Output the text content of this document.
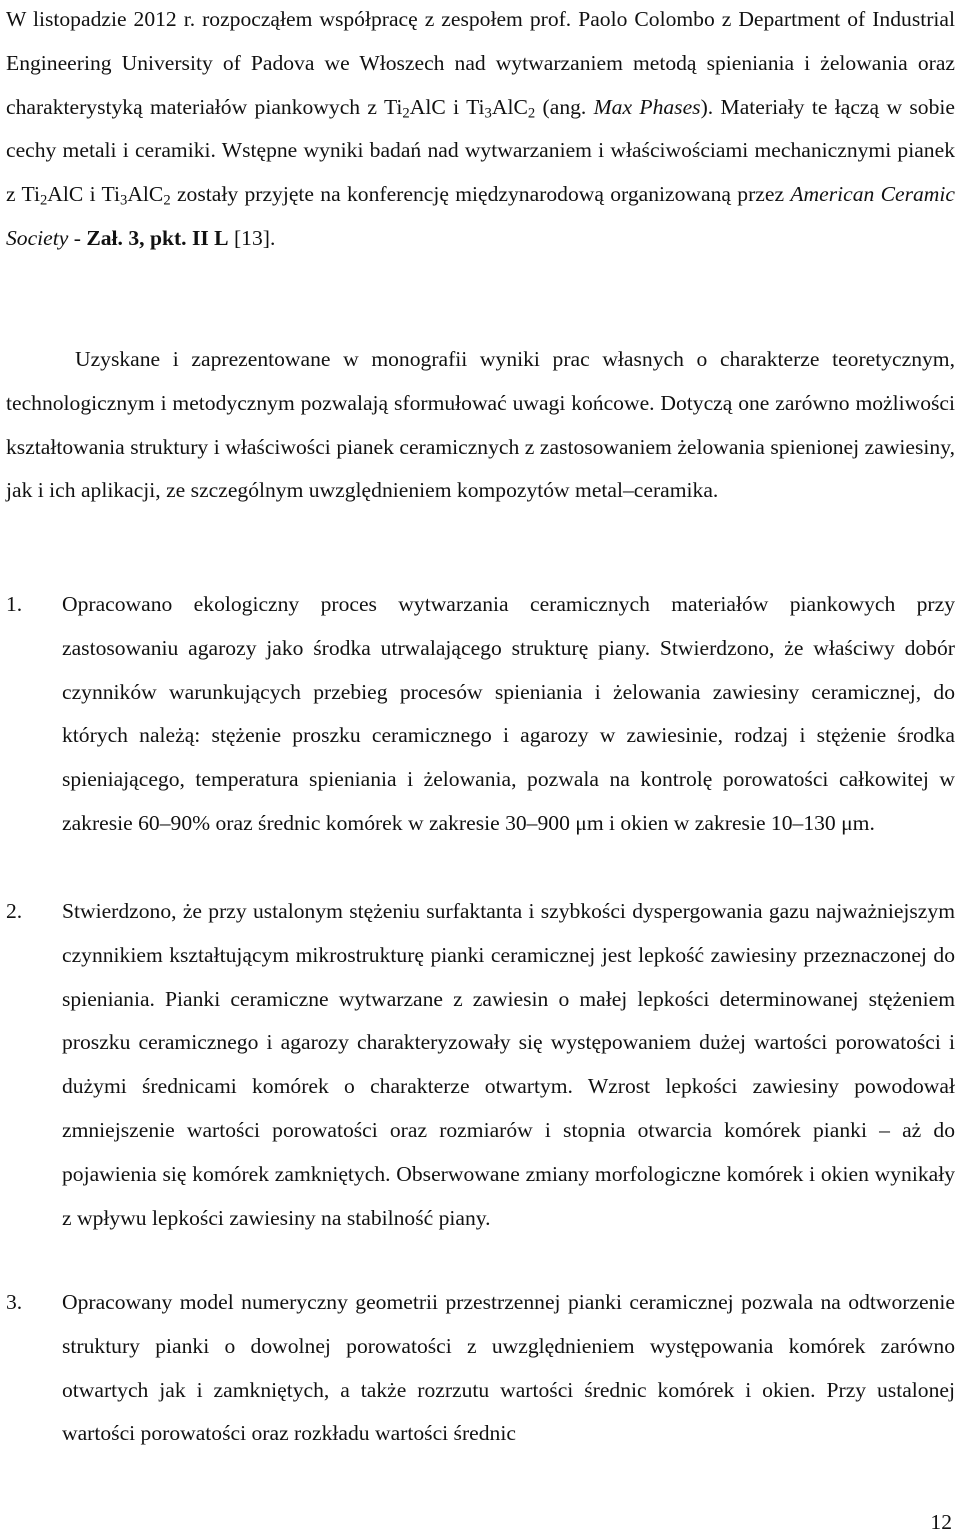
W listopadzie 2012 r. rozpocząłem współpracę z zespołem prof. Paolo Colombo z Department of Industrial Engineering University of Padova we Włoszech nad wytwarzaniem metodą spieniania i żelowania oraz charakterystyką materiałów piankowych z $Ti_2AlC$ i $Ti_3AlC_2$ (ang. Max Phases). Materiały te łączą w sobie cechy metali i ceramiki. Wstępne wyniki badań nad wytwarzaniem i właściwościami mechanicznymi pianek z $Ti_2AlC$ i $Ti_3AlC_2$ zostały przyjęte na konferencję międzynarodową organizowaną przez American Ceramic Society - Zał. 3, pkt. II L [13].

Uzyskane i zaprezentowane w monografii wyniki prac własnych o charakterze teoretycznym, technologicznym i metodycznym pozwalają sformułować uwagi końcowe. Dotyczą one zarówno możliwości kształtowania struktury i właściwości pianek ceramicznych z zastosowaniem żelowania spienionej zawiesiny, jak i ich aplikacji, ze szczególnym uwzględnieniem kompozytów metal–ceramika.

1. Opracowano ekologiczny proces wytwarzania ceramicznych materiałów piankowych przy zastosowaniu agarozy jako środka utrwalającego strukturę piany. Stwierdzono, że właściwy dobór czynników warunkujących przebieg procesów spieniania i żelowania zawiesiny ceramicznej, do których należą: stężenie proszku ceramicznego i agarozy w zawiesinie, rodzaj i stężenie środka spieniającego, temperatura spieniania i żelowania, pozwala na kontrolę porowatości całkowitej w zakresie 60–90% oraz średnic komórek w zakresie 30–900 μm i okien w zakresie 10–130 μm.
2. Stwierdzono, że przy ustalonym stężeniu surfaktanta i szybkości dyspergowania gazu najważniejszym czynnikiem kształtującym mikrostrukturę pianki ceramicznej jest lepkość zawiesiny przeznaczonej do spieniania. Pianki ceramiczne wytwarzane z zawiesin o małej lepkości determinowanej stężeniem proszku ceramicznego i agarozy charakteryzowały się występowaniem dużej wartości porowatości i dużymi średnicami komórek o charakterze otwartym. Wzrost lepkości zawiesiny powodował zmniejszenie wartości porowatości oraz rozmiarów i stopnia otwarcia komórek pianki – aż do pojawienia się komórek zamkniętych. Obserwowane zmiany morfologiczne komórek i okien wynikały z wpływu lepkości zawiesiny na stabilność piany.
3. Opracowany model numeryczny geometrii przestrzennej pianki ceramicznej pozwala na odtworzenie struktury pianki o dowolnej porowatości z uwzględnieniem występowania komórek zarówno otwartych jak i zamkniętych, a także rozrzutu wartości średnic komórek i okien. Przy ustalonej wartości porowatości oraz rozkładu wartości średnic
12
